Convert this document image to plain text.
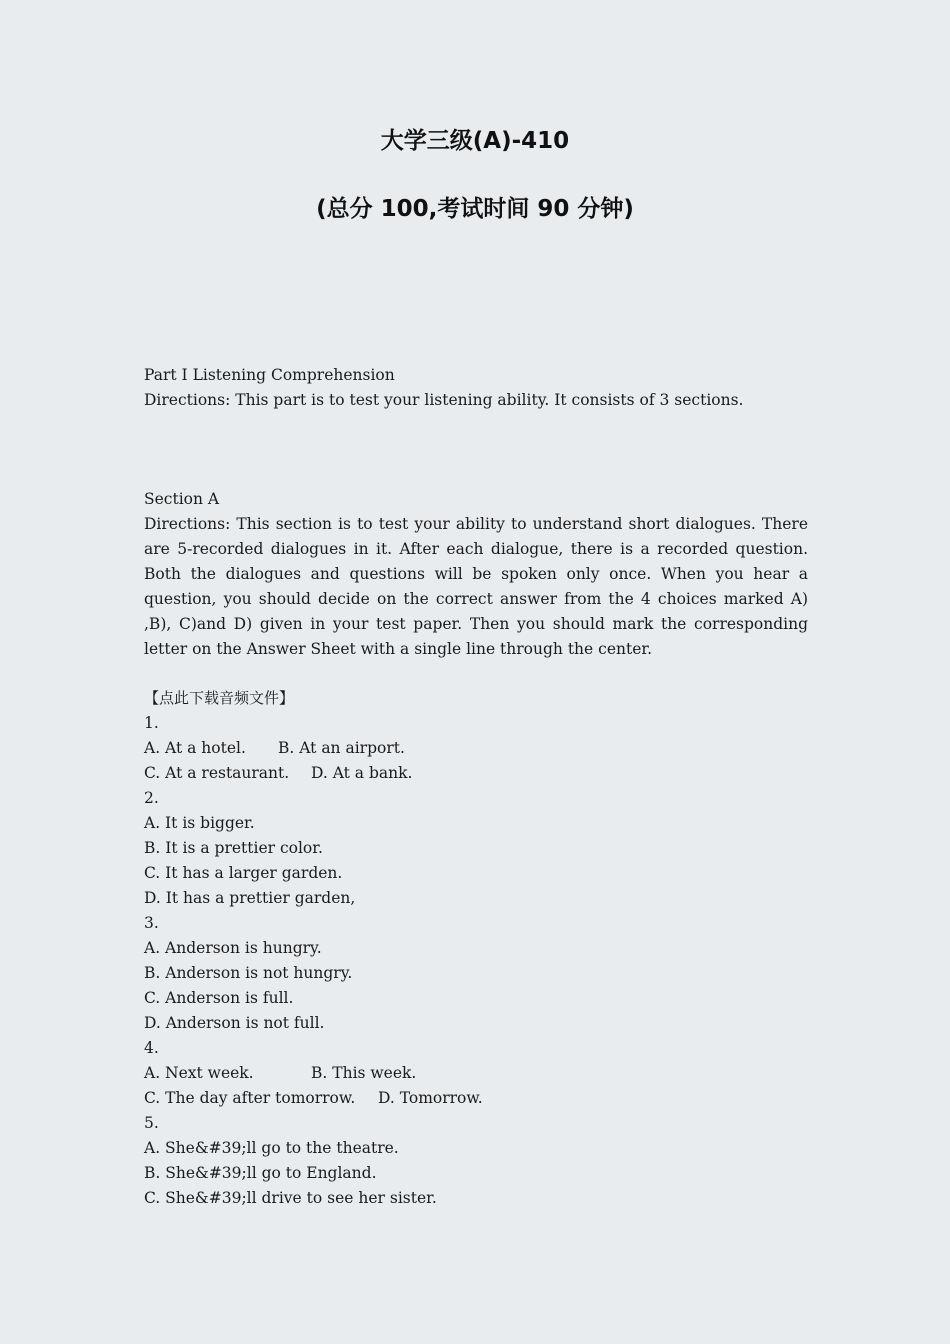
大学三级(A)-410
(总分 100,考试时间 90 分钟)
Part Ⅰ Listening Comprehension
Directions: This part is to test your listening ability. It consists of 3 sections.
Section A
Directions: This section is to test your ability to understand short dialogues. There are 5-recorded dialogues in it. After each dialogue, there is a recorded question. Both the dialogues and questions will be spoken only once. When you hear a question, you should decide on the correct answer from the 4 choices marked A) ,B), C)and D) given in your test paper. Then you should mark the corresponding letter on the Answer Sheet with a single line through the center.
【点此下载音频文件】
1.
A. At a hotel. B. At an airport.
C. At a restaurant. D. At a bank.
2.
A. It is bigger.
B. It is a prettier color.
C. It has a larger garden.
D. It has a prettier garden,
3.
A. Anderson is hungry.
B. Anderson is not hungry.
C. Anderson is full.
D. Anderson is not full.
4.
A. Next week.	B. This week.
C. The day after tomorrow. D. Tomorrow.
5.
A. She&#39;ll go to the theatre.
B. She&#39;ll go to England.
C. She&#39;ll drive to see her sister.
